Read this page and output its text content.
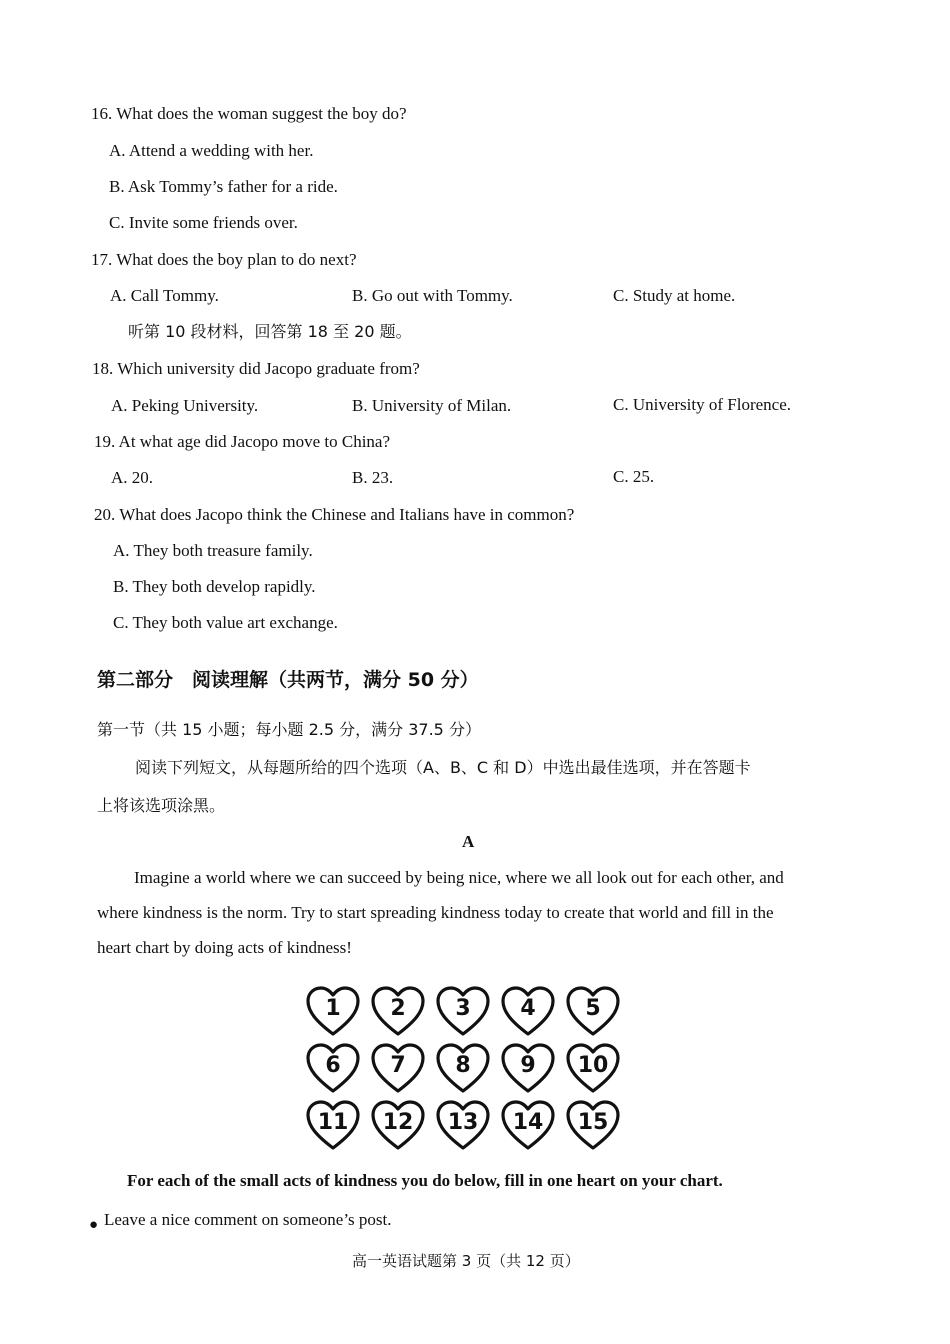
16. What does the woman suggest the boy do?
A. Attend a wedding with her.
B. Ask Tommy’s father for a ride.
C. Invite some friends over.
17. What does the boy plan to do next?
A. Call Tommy.	B. Go out with Tommy.	C. Study at home.
听第 10 段材料，回答第 18 至 20 题。
18. Which university did Jacopo graduate from?
A. Peking University.	B. University of Milan.	C. University of Florence.
19. At what age did Jacopo move to China?
A. 20.	B. 23.	C. 25.
20. What does Jacopo think the Chinese and Italians have in common?
A. They both treasure family.
B. They both develop rapidly.
C. They both value art exchange.
第二部分　阅读理解（共两节，满分 50 分）
第一节（共 15 小题；每小题 2.5 分，满分 37.5 分）
阅读下列短文，从每题所给的四个选项（A、B、C 和 D）中选出最佳选项，并在答题卡
上将该选项涂黑。
A
Imagine a world where we can succeed by being nice, where we all look out for each other, and
where kindness is the norm. Try to start spreading kindness today to create that world and fill in the
heart chart by doing acts of kindness!
1	2	3	4	5
6	7	8	9	10
11	12	13	14	15
For each of the small acts of kindness you do below, fill in one heart on your chart.
● Leave a nice comment on someone’s post.
高一英语试题第 3 页（共 12 页）
